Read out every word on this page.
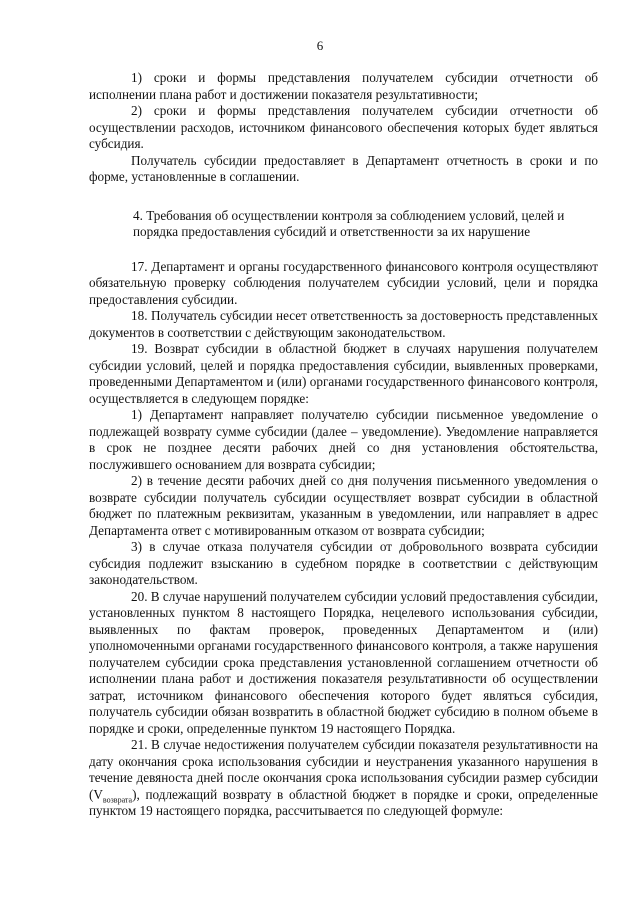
6

1) сроки и формы представления получателем субсидии отчетности об исполнении плана работ и достижении показателя результативности;

2) сроки и формы представления получателем субсидии отчетности об осуществлении расходов, источником финансового обеспечения которых будет являться субсидия.

Получатель субсидии предоставляет в Департамент отчетность в сроки и по форме, установленные в соглашении.

4. Требования об осуществлении контроля за соблюдением условий, целей и порядка предоставления субсидий и ответственности за их нарушение

17. Департамент и органы государственного финансового контроля осуществляют обязательную проверку соблюдения получателем субсидии условий, цели и порядка предоставления субсидии.

18. Получатель субсидии несет ответственность за достоверность представленных документов в соответствии с действующим законодательством.

19. Возврат субсидии в областной бюджет в случаях нарушения получателем субсидии условий, целей и порядка предоставления субсидии, выявленных проверками, проведенными Департаментом и (или) органами государственного финансового контроля, осуществляется в следующем порядке:

1) Департамент направляет получателю субсидии письменное уведомление о подлежащей возврату сумме субсидии (далее – уведомление). Уведомление направляется в срок не позднее десяти рабочих дней со дня установления обстоятельства, послужившего основанием для возврата субсидии;

2) в течение десяти рабочих дней со дня получения письменного уведомления о возврате субсидии получатель субсидии осуществляет возврат субсидии в областной бюджет по платежным реквизитам, указанным в уведомлении, или направляет в адрес Департамента ответ с мотивированным отказом от возврата субсидии;

3) в случае отказа получателя субсидии от добровольного возврата субсидии субсидия подлежит взысканию в судебном порядке в соответствии с действующим законодательством.

20. В случае нарушений получателем субсидии условий предоставления субсидии, установленных пунктом 8 настоящего Порядка, нецелевого использования субсидии, выявленных по фактам проверок, проведенных Департаментом и (или) уполномоченными органами государственного финансового контроля, а также нарушения получателем субсидии срока представления установленной соглашением отчетности об исполнении плана работ и достижения показателя результативности об осуществлении затрат, источником финансового обеспечения которого будет являться субсидия, получатель субсидии обязан возвратить в областной бюджет субсидию в полном объеме в порядке и сроки, определенные пунктом 19 настоящего Порядка.

21. В случае недостижения получателем субсидии показателя результативности на дату окончания срока использования субсидии и неустранения указанного нарушения в течение девяноста дней после окончания срока использования субсидии размер субсидии $(V_{возврата})$, подлежащий возврату в областной бюджет в порядке и сроки, определенные пунктом 19 настоящего порядка, рассчитывается по следующей формуле:
